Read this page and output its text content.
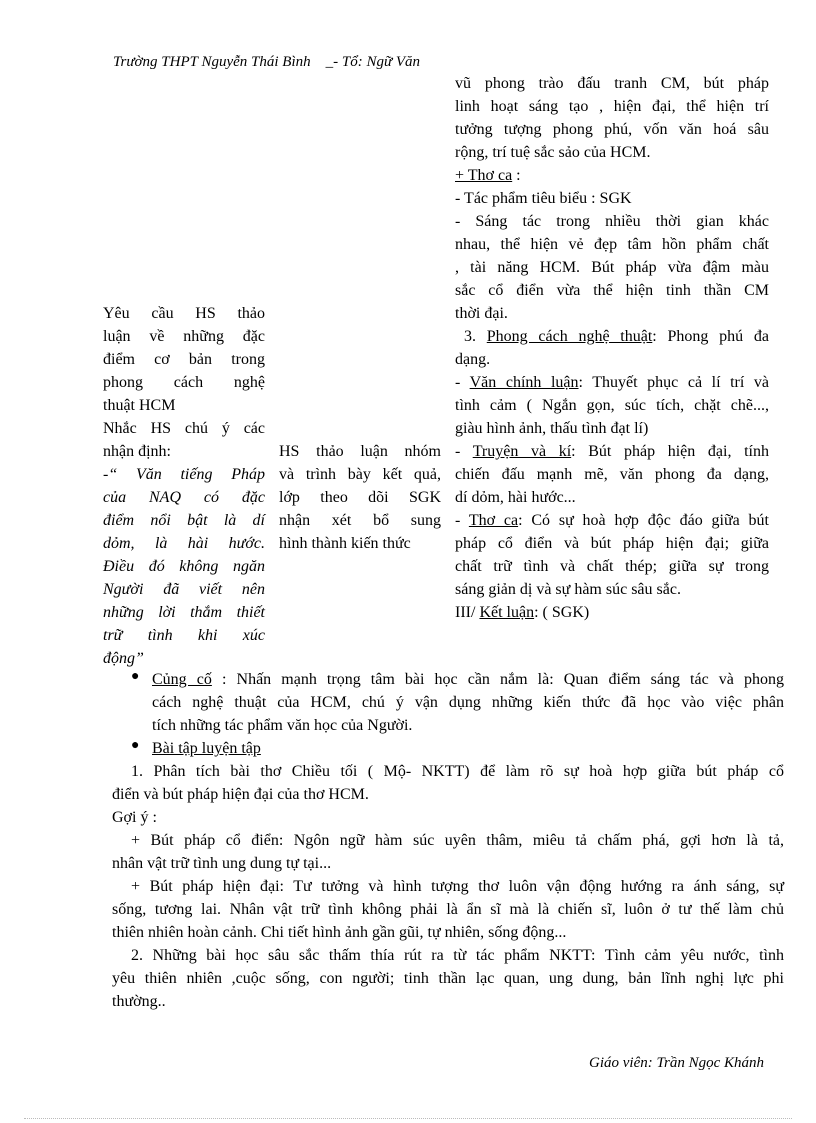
Trường THPT Nguyễn Thái Bình _- Tổ: Ngữ Văn
vũ phong trào đấu tranh CM, bút pháp
linh hoạt sáng tạo , hiện đại, thể hiện trí
tưởng tượng phong phú, vốn văn hoá sâu
rộng, trí tuệ sắc sảo của HCM.
+ Thơ ca :
- Tác phẩm tiêu biểu : SGK
- Sáng tác trong nhiều thời gian khác
nhau, thể hiện vẻ đẹp tâm hồn phẩm chất
, tài năng HCM. Bút pháp vừa đậm màu
sắc cổ điển vừa thể hiện tinh thần CM
thời đại.
3. Phong cách nghệ thuật: Phong phú đa
dạng.
- Văn chính luận: Thuyết phục cả lí trí và
tình cảm ( Ngắn gọn, súc tích, chặt chẽ...,
giàu hình ảnh, thấu tình đạt lí)
- Truyện và kí: Bút pháp hiện đại, tính
chiến đấu mạnh mẽ, văn phong đa dạng,
dí dỏm, hài hước...
- Thơ ca: Có sự hoà hợp độc đáo giữa bút
pháp cổ điển và bút pháp hiện đại; giữa
chất trữ tình và chất thép; giữa sự trong
sáng giản dị và sự hàm súc sâu sắc.
III/ Kết luận: ( SGK)
Yêu cầu HS thảo
luận về những đặc
điểm cơ bản trong
phong cách nghệ
thuật HCM
Nhắc HS chú ý các
nhận định:
-“ Văn tiếng Pháp
của NAQ có đặc
điểm nổi bật là dí
dỏm, là hài hước.
Điều đó không ngăn
Người đã viết nên
những lời thắm thiết
trữ tình khi xúc
động”
HS thảo luận nhóm
và trình bày kết quả,
lớp theo dõi SGK
nhận xét bổ sung
● Củng cố : Nhấn mạnh trọng tâm bài học cần nắm là: Quan điểm sáng tác và phong
cách nghệ thuật của HCM, chú ý vận dụng những kiến thức đã học vào việc phân
tích những tác phẩm văn học của Người.
● Bài tập luyện tập
1. Phân tích bài thơ Chiều tối ( Mộ- NKTT) để làm rõ sự hoà hợp giữa bút pháp cổ
điển và bút pháp hiện đại của thơ HCM.
Gợi ý :
+ Bút pháp cổ điển: Ngôn ngữ hàm súc uyên thâm, miêu tả chấm phá, gợi hơn là tả,
nhân vật trữ tình ung dung tự tại...
+ Bút pháp hiện đại: Tư tưởng và hình tượng thơ luôn vận động hướng ra ánh sáng, sự
sống, tương lai. Nhân vật trữ tình không phải là ẩn sĩ mà là chiến sĩ, luôn ở tư thế làm chủ
thiên nhiên hoàn cảnh. Chi tiết hình ảnh gần gũi, tự nhiên, sống động...
2. Những bài học sâu sắc thấm thía rút ra từ tác phẩm NKTT: Tình cảm yêu nước, tình
yêu thiên nhiên ,cuộc sống, con người; tinh thần lạc quan, ung dung, bản lĩnh nghị lực phi
thường..
Giáo viên: Trần Ngọc Khánh
hình thành kiến thức
